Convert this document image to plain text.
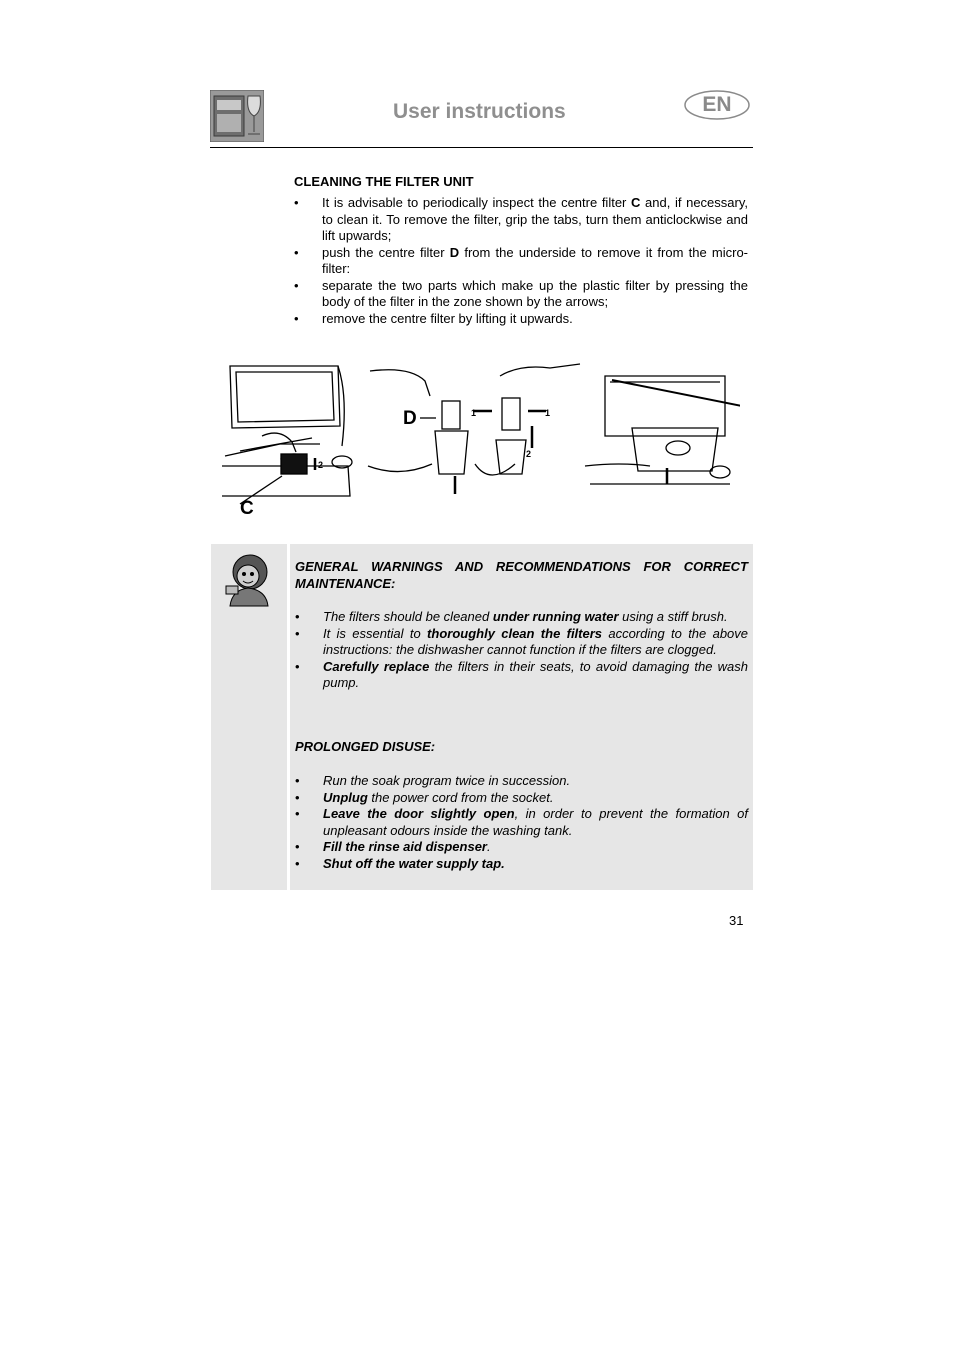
User instructions	EN
CLEANING THE FILTER UNIT
• It is advisable to periodically inspect the centre filter C and, if necessary, to clean it. To remove the filter, grip the tabs, turn them anticlockwise and lift upwards;
• push the centre filter D from the underside to remove it from the micro-filter:
• separate the two parts which make up the plastic filter by pressing the body of the filter in the zone shown by the arrows;
• remove the centre filter by lifting it upwards.
C
D
2
1	1
2
GENERAL WARNINGS AND RECOMMENDATIONS FOR CORRECT MAINTENANCE:
• The filters should be cleaned under running water using a stiff brush.
• It is essential to thoroughly clean the filters according to the above instructions: the dishwasher cannot function if the filters are clogged.
• Carefully replace the filters in their seats, to avoid damaging the wash pump.
PROLONGED DISUSE:
• Run the soak program twice in succession.
• Unplug the power cord from the socket.
• Leave the door slightly open, in order to prevent the formation of unpleasant odours inside the washing tank.
• Fill the rinse aid dispenser.
• Shut off the water supply tap.
31
